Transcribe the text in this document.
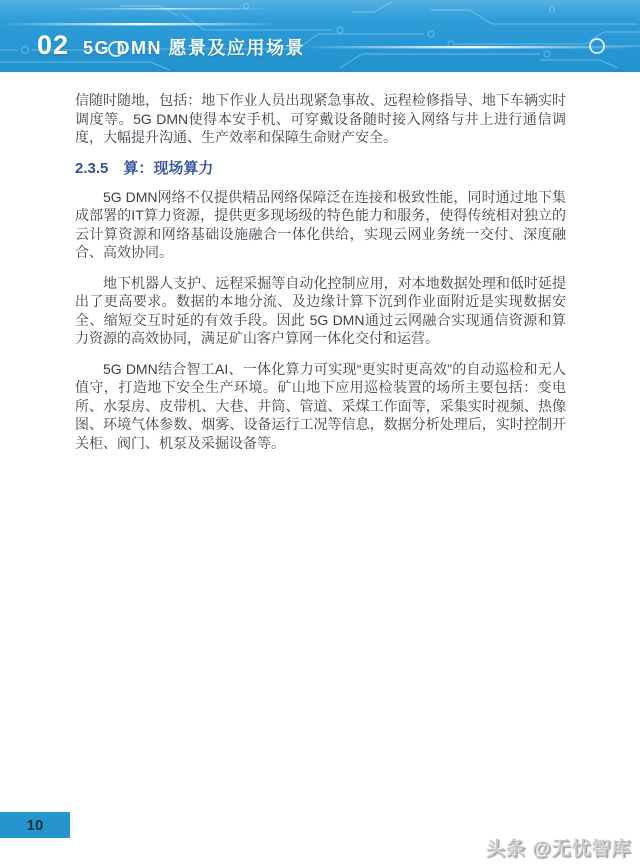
02 5G DMN 愿景及应用场景

信随时随地，包括：地下作业人员出现紧急事故、远程检修指导、地下车辆实时调度等。5G DMN使得本安手机、可穿戴设备随时接入网络与井上进行通信调度，大幅提升沟通、生产效率和保障生命财产安全。

2.3.5　算：现场算力

5G DMN网络不仅提供精品网络保障泛在连接和极致性能，同时通过地下集成部署的IT算力资源，提供更多现场级的特色能力和服务，使得传统相对独立的云计算资源和网络基础设施融合一体化供给，实现云网业务统一交付、深度融合、高效协同。

地下机器人支护、远程采掘等自动化控制应用，对本地数据处理和低时延提出了更高要求。数据的本地分流、及边缘计算下沉到作业面附近是实现数据安全、缩短交互时延的有效手段。因此 5G DMN通过云网融合实现通信资源和算力资源的高效协同，满足矿山客户算网一体化交付和运营。

5G DMN结合智工AI、一体化算力可实现“更实时更高效”的自动巡检和无人值守，打造地下安全生产环境。矿山地下应用巡检装置的场所主要包括：变电所、水泵房、皮带机、大巷、井筒、管道、采煤工作面等，采集实时视频、热像图、环境气体参数、烟雾、设备运行工况等信息，数据分析处理后，实时控制开关柜、阀门、机泵及采掘设备等。

10
头条 @无忧智库
